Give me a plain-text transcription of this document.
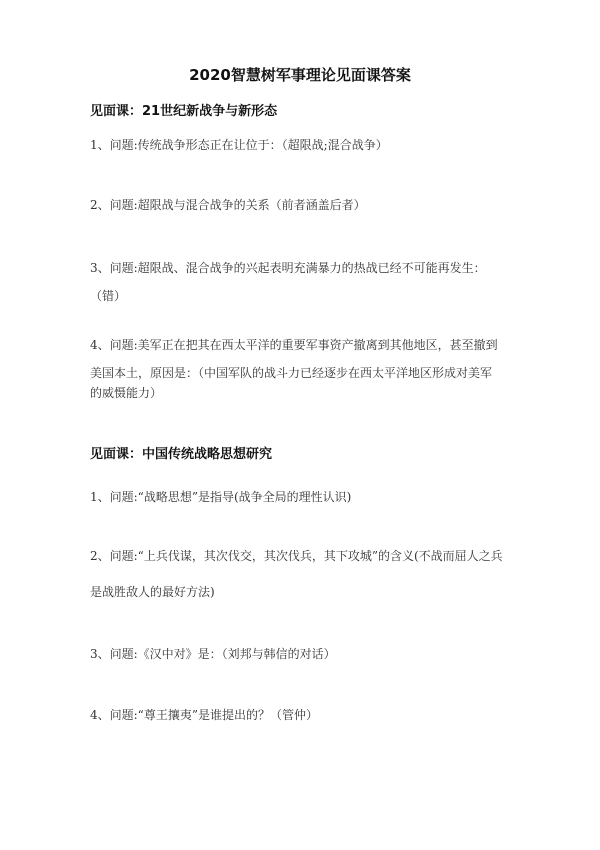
2020智慧树军事理论见面课答案
见面课：21世纪新战争与新形态

1、问题:传统战争形态正在让位于：（超限战;混合战争）

2、问题:超限战与混合战争的关系（前者涵盖后者）

3、问题:超限战、混合战争的兴起表明充满暴力的热战已经不可能再发生：

（错）

4、问题:美军正在把其在西太平洋的重要军事资产撤离到其他地区，甚至撤到

美国本土，原因是：（中国军队的战斗力已经逐步在西太平洋地区形成对美军

的威慑能力）

见面课：中国传统战略思想研究

1、问题:“战略思想”是指导(战争全局的理性认识)

2、问题:“上兵伐谋，其次伐交，其次伐兵，其下攻城”的含义(不战而屈人之兵

是战胜敌人的最好方法)

3、问题:《汉中对》是：（刘邦与韩信的对话）

4、问题:“尊王攘夷”是谁提出的？（管仲）
